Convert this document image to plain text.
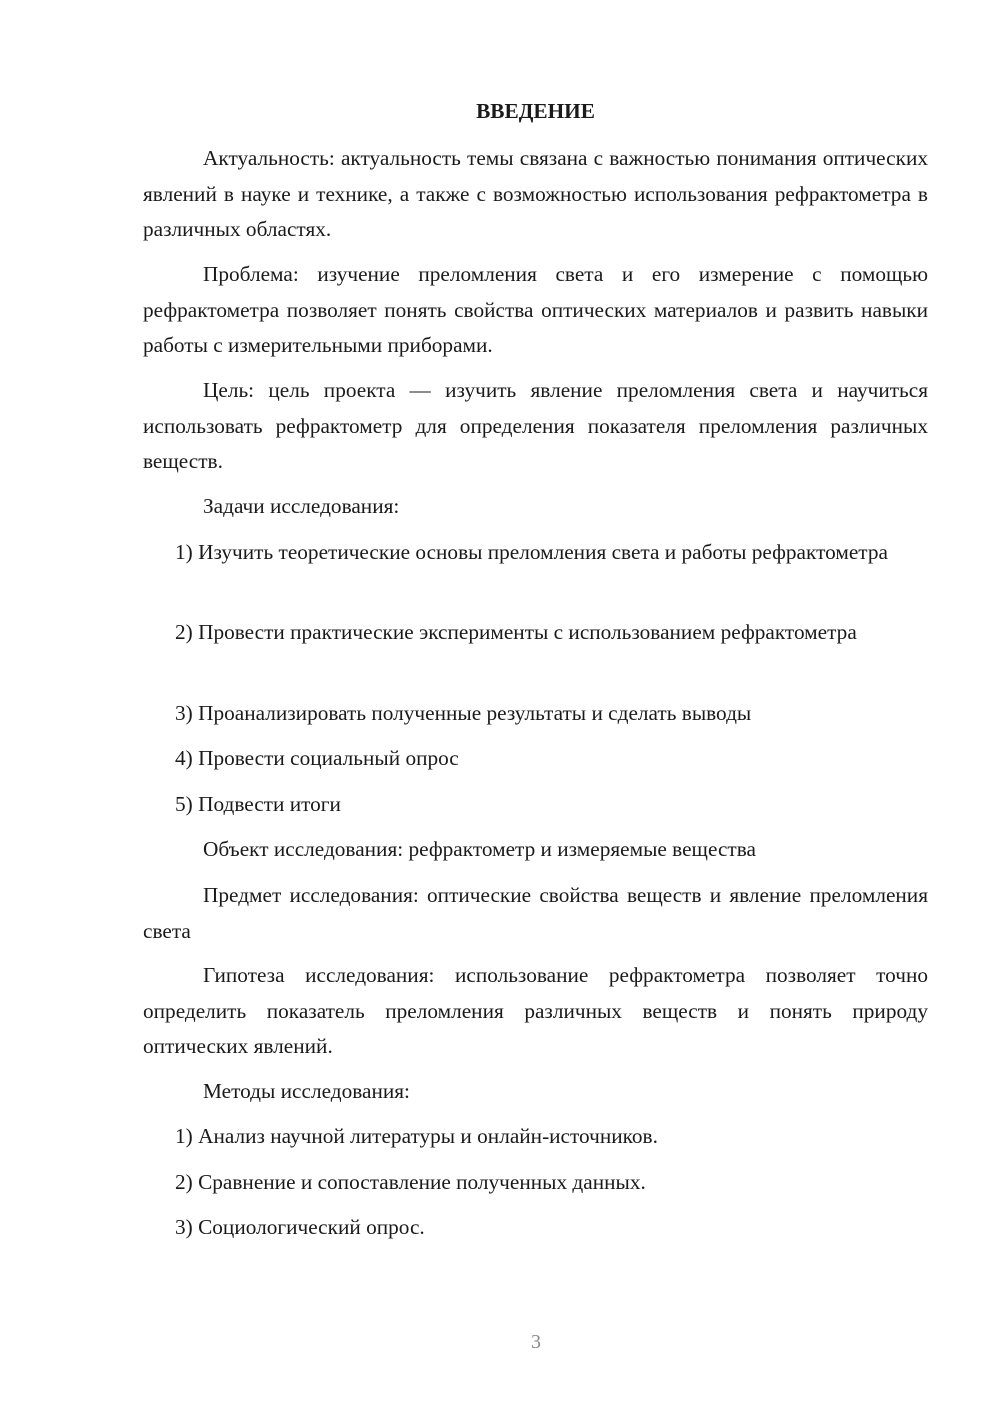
ВВЕДЕНИЕ

Актуальность: актуальность темы связана с важностью понимания оптических явлений в науке и технике, а также с возможностью использования рефрактометра в различных областях.

Проблема: изучение преломления света и его измерение с помощью рефрактометра позволяет понять свойства оптических материалов и развить навыки работы с измерительными приборами.

Цель: цель проекта — изучить явление преломления света и научиться использовать рефрактометр для определения показателя преломления различных веществ.

Задачи исследования:

1) Изучить теоретические основы преломления света и работы рефрактометра

2) Провести практические эксперименты с использованием рефрактометра

3) Проанализировать полученные результаты и сделать выводы

4) Провести социальный опрос

5) Подвести итоги

Объект исследования: рефрактометр и измеряемые вещества

Предмет исследования: оптические свойства веществ и явление преломления света

Гипотеза исследования: использование рефрактометра позволяет точно определить показатель преломления различных веществ и понять природу оптических явлений.

Методы исследования:

1) Анализ научной литературы и онлайн-источников.

2) Сравнение и сопоставление полученных данных.

3) Социологический опрос.

3
